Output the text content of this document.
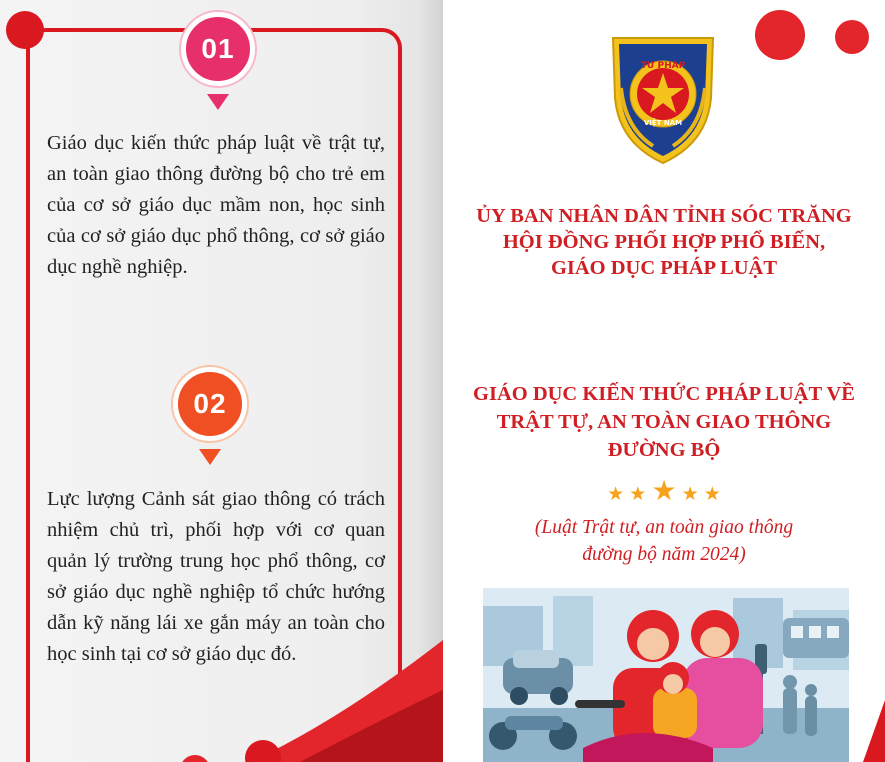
01

Giáo dục kiến thức pháp luật về trật tự, an toàn giao thông đường bộ cho trẻ em của cơ sở giáo dục mầm non, học sinh của cơ sở giáo dục phổ thông, cơ sở giáo dục nghề nghiệp.

02

Lực lượng Cảnh sát giao thông có trách nhiệm chủ trì, phối hợp với cơ quan quản lý trường trung học phổ thông, cơ sở giáo dục nghề nghiệp tổ chức hướng dẫn kỹ năng lái xe gắn máy an toàn cho học sinh tại cơ sở giáo dục đó.

TƯ PHÁP
VIỆT NAM

ỦY BAN NHÂN DÂN TỈNH SÓC TRĂNG

HỘI ĐỒNG PHỐI HỢP PHỔ BIẾN,

GIÁO DỤC PHÁP LUẬT

GIÁO DỤC KIẾN THỨC PHÁP LUẬT VỀ

TRẬT TỰ, AN TOÀN GIAO THÔNG

ĐƯỜNG BỘ

★ ★ ★ ★ ★

(Luật Trật tự, an toàn giao thông

đường bộ năm 2024)
